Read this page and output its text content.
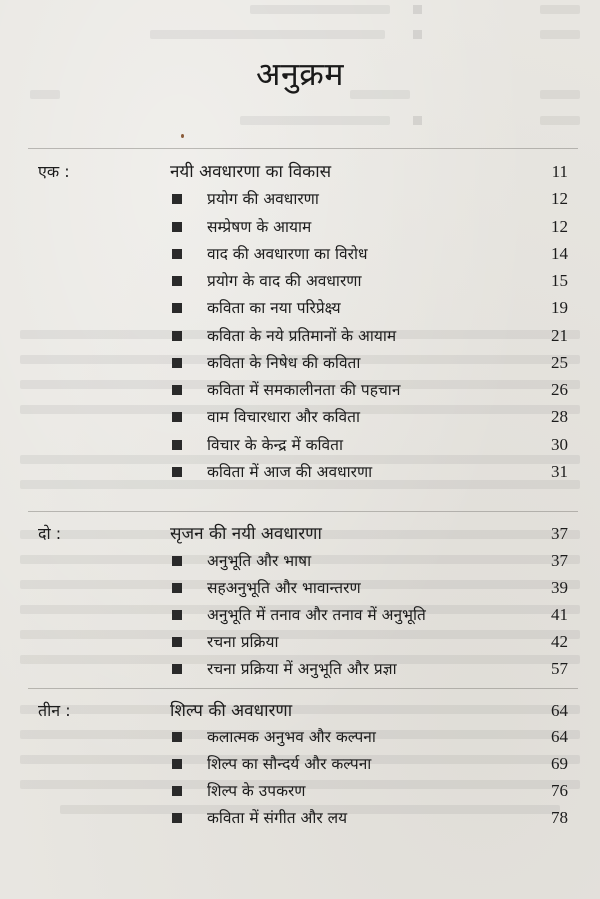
अनुक्रम
एक :	नयी अवधारणा का विकास	11
प्रयोग की अवधारणा	12
सम्प्रेषण के आयाम	12
वाद की अवधारणा का विरोध	14
प्रयोग के वाद की अवधारणा	15
कविता का नया परिप्रेक्ष्य	19
कविता के नये प्रतिमानों के आयाम	21
कविता के निषेध की कविता	25
कविता में समकालीनता की पहचान	26
वाम विचारधारा और कविता	28
विचार के केन्द्र में कविता	30
कविता में आज की अवधारणा	31
दो :	सृजन की नयी अवधारणा	37
अनुभूति और भाषा	37
सहअनुभूति और भावान्तरण	39
अनुभूति में तनाव और तनाव में अनुभूति	41
रचना प्रक्रिया	42
रचना प्रक्रिया में अनुभूति और प्रज्ञा	57
तीन :	शिल्प की अवधारणा	64
कलात्मक अनुभव और कल्पना	64
शिल्प का सौन्दर्य और कल्पना	69
शिल्प के उपकरण	76
कविता में संगीत और लय	78
